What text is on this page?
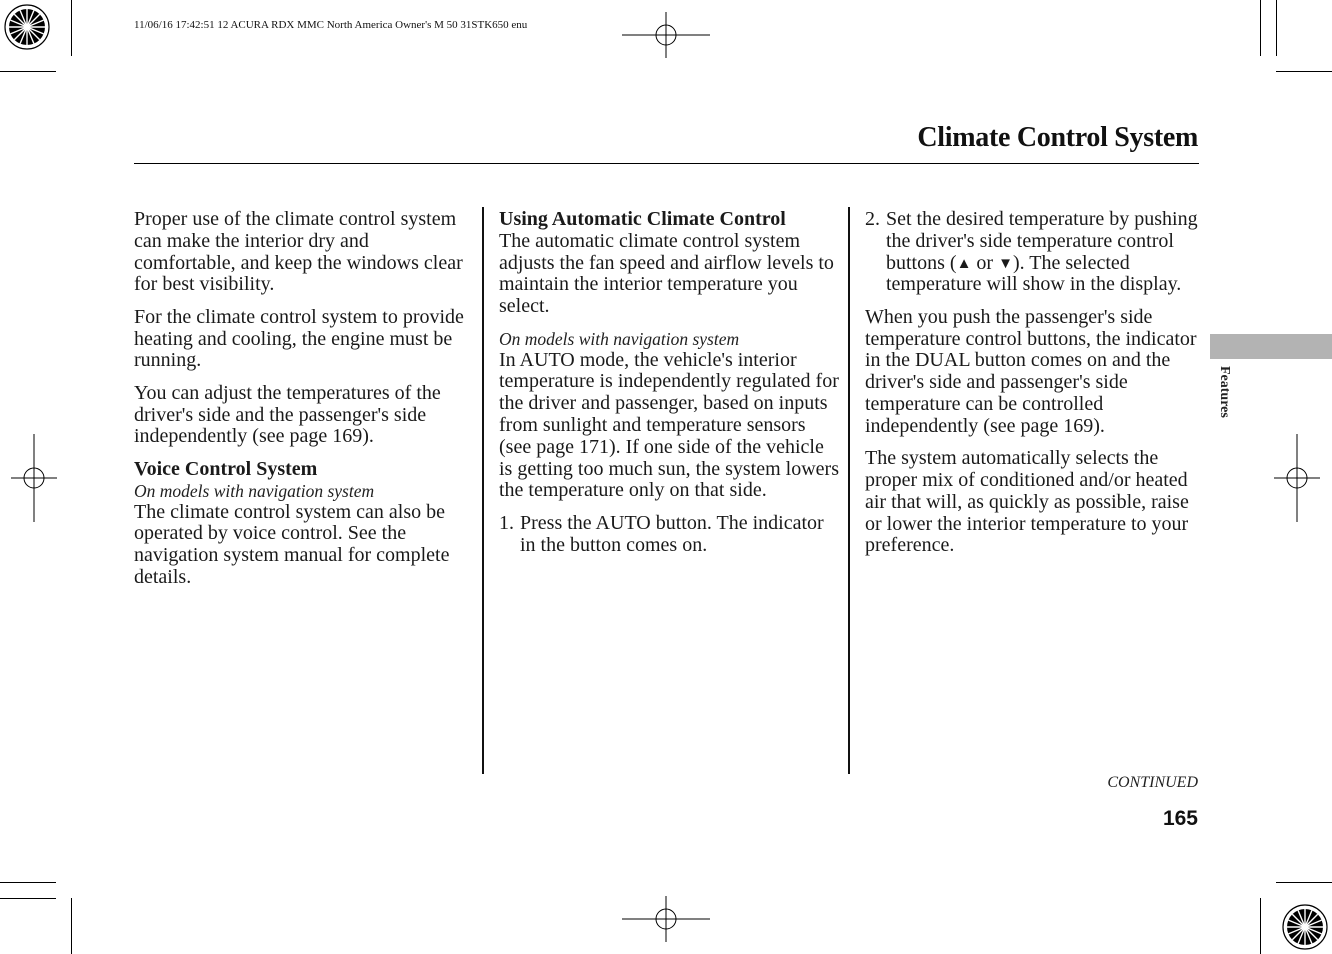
11/06/16 17:42:51 12 ACURA RDX MMC North America Owner's M 50 31STK650 enu
Climate Control System
Features

Proper use of the climate control system can make the interior dry and comfortable, and keep the windows clear for best visibility.

For the climate control system to provide heating and cooling, the engine must be running.

You can adjust the temperatures of the driver's side and the passenger's side independently (see page 169).

Voice Control System
On models with navigation system

The climate control system can also be operated by voice control. See the navigation system manual for complete details.

Using Automatic Climate Control

The automatic climate control system adjusts the fan speed and airflow levels to maintain the interior temperature you select.

On models with navigation system

In AUTO mode, the vehicle's interior temperature is independently regulated for the driver and passenger, based on inputs from sunlight and temperature sensors (see page 171). If one side of the vehicle is getting too much sun, the system lowers the temperature only on that side.

1. Press the AUTO button. The indicator in the button comes on.
2. Set the desired temperature by pushing the driver's side temperature control buttons (▲ or ▼). The selected temperature will show in the display.

When you push the passenger's side temperature control buttons, the indicator in the DUAL button comes on and the driver's side and passenger's side temperature can be controlled independently (see page 169).

The system automatically selects the proper mix of conditioned and/or heated air that will, as quickly as possible, raise or lower the interior temperature to your preference.

CONTINUED
165
